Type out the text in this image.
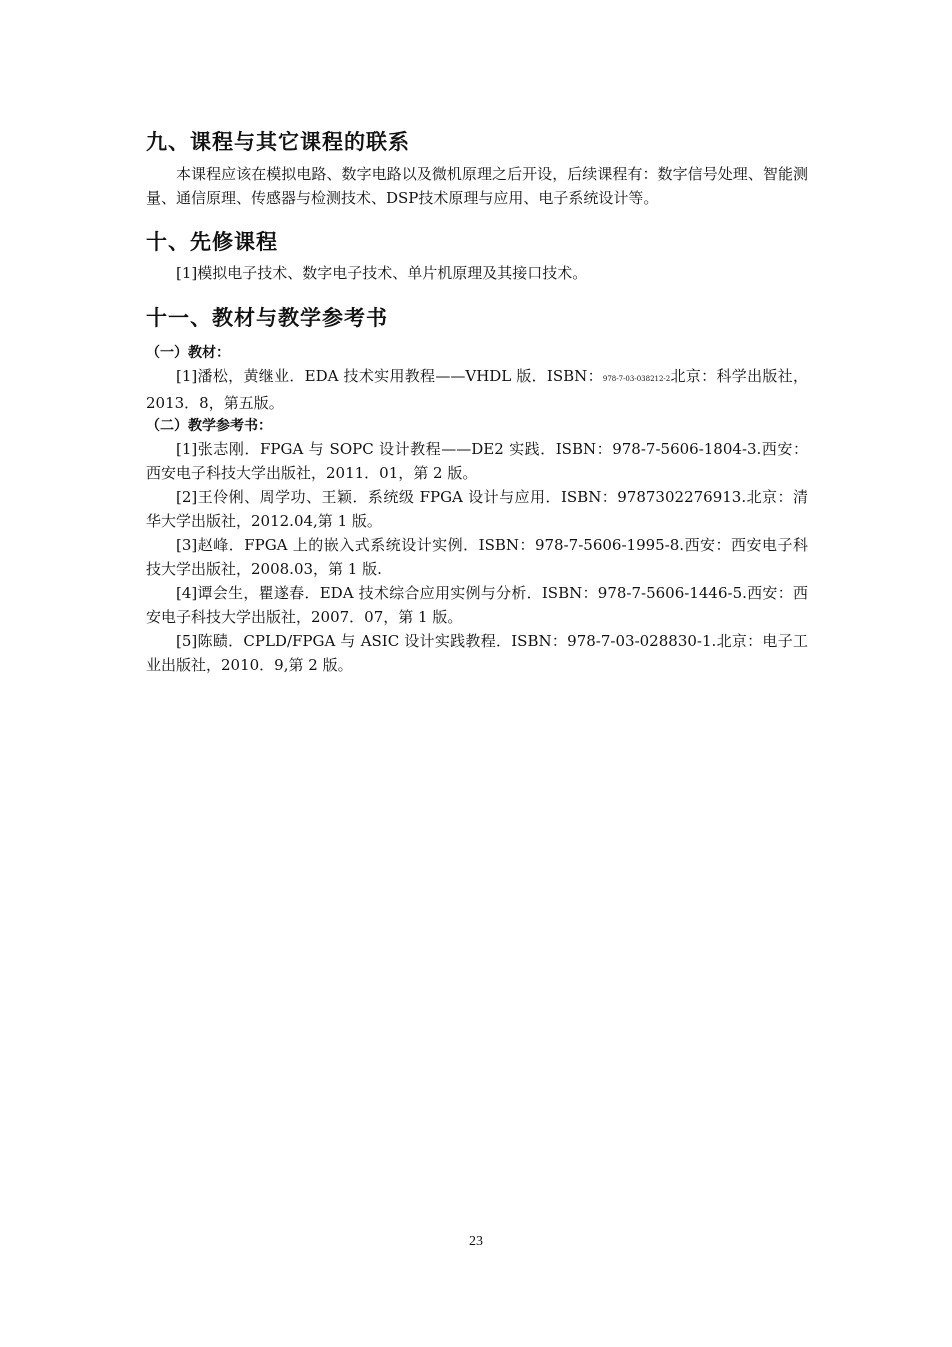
九、课程与其它课程的联系

本课程应该在模拟电路、数字电路以及微机原理之后开设，后续课程有：数字信号处理、智能测量、通信原理、传感器与检测技术、DSP技术原理与应用、电子系统设计等。

十、先修课程

[1]模拟电子技术、数字电子技术、单片机原理及其接口技术。

十一、教材与教学参考书
（一）教材：

[1]潘松，黄继业．EDA 技术实用教程——VHDL 版．ISBN：978-7-03-038212-2北京：科学出版社，2013．8，第五版。

（二）教学参考书：

[1]张志刚．FPGA 与 SOPC 设计教程——DE2 实践．ISBN：978-7-5606-1804-3.西安：西安电子科技大学出版社，2011．01，第 2 版。

[2]王伶俐、周学功、王颖．系统级 FPGA 设计与应用．ISBN：9787302276913.北京：清华大学出版社，2012.04,第 1 版。

[3]赵峰．FPGA 上的嵌入式系统设计实例．ISBN：978-7-5606-1995-8.西安：西安电子科技大学出版社，2008.03，第 1 版.

[4]谭会生，瞿遂春．EDA 技术综合应用实例与分析．ISBN：978-7-5606-1446-5.西安：西安电子科技大学出版社，2007．07，第 1 版。

[5]陈赜．CPLD/FPGA 与 ASIC 设计实践教程．ISBN：978-7-03-028830-1.北京：电子工业出版社，2010．9,第 2 版。

23
